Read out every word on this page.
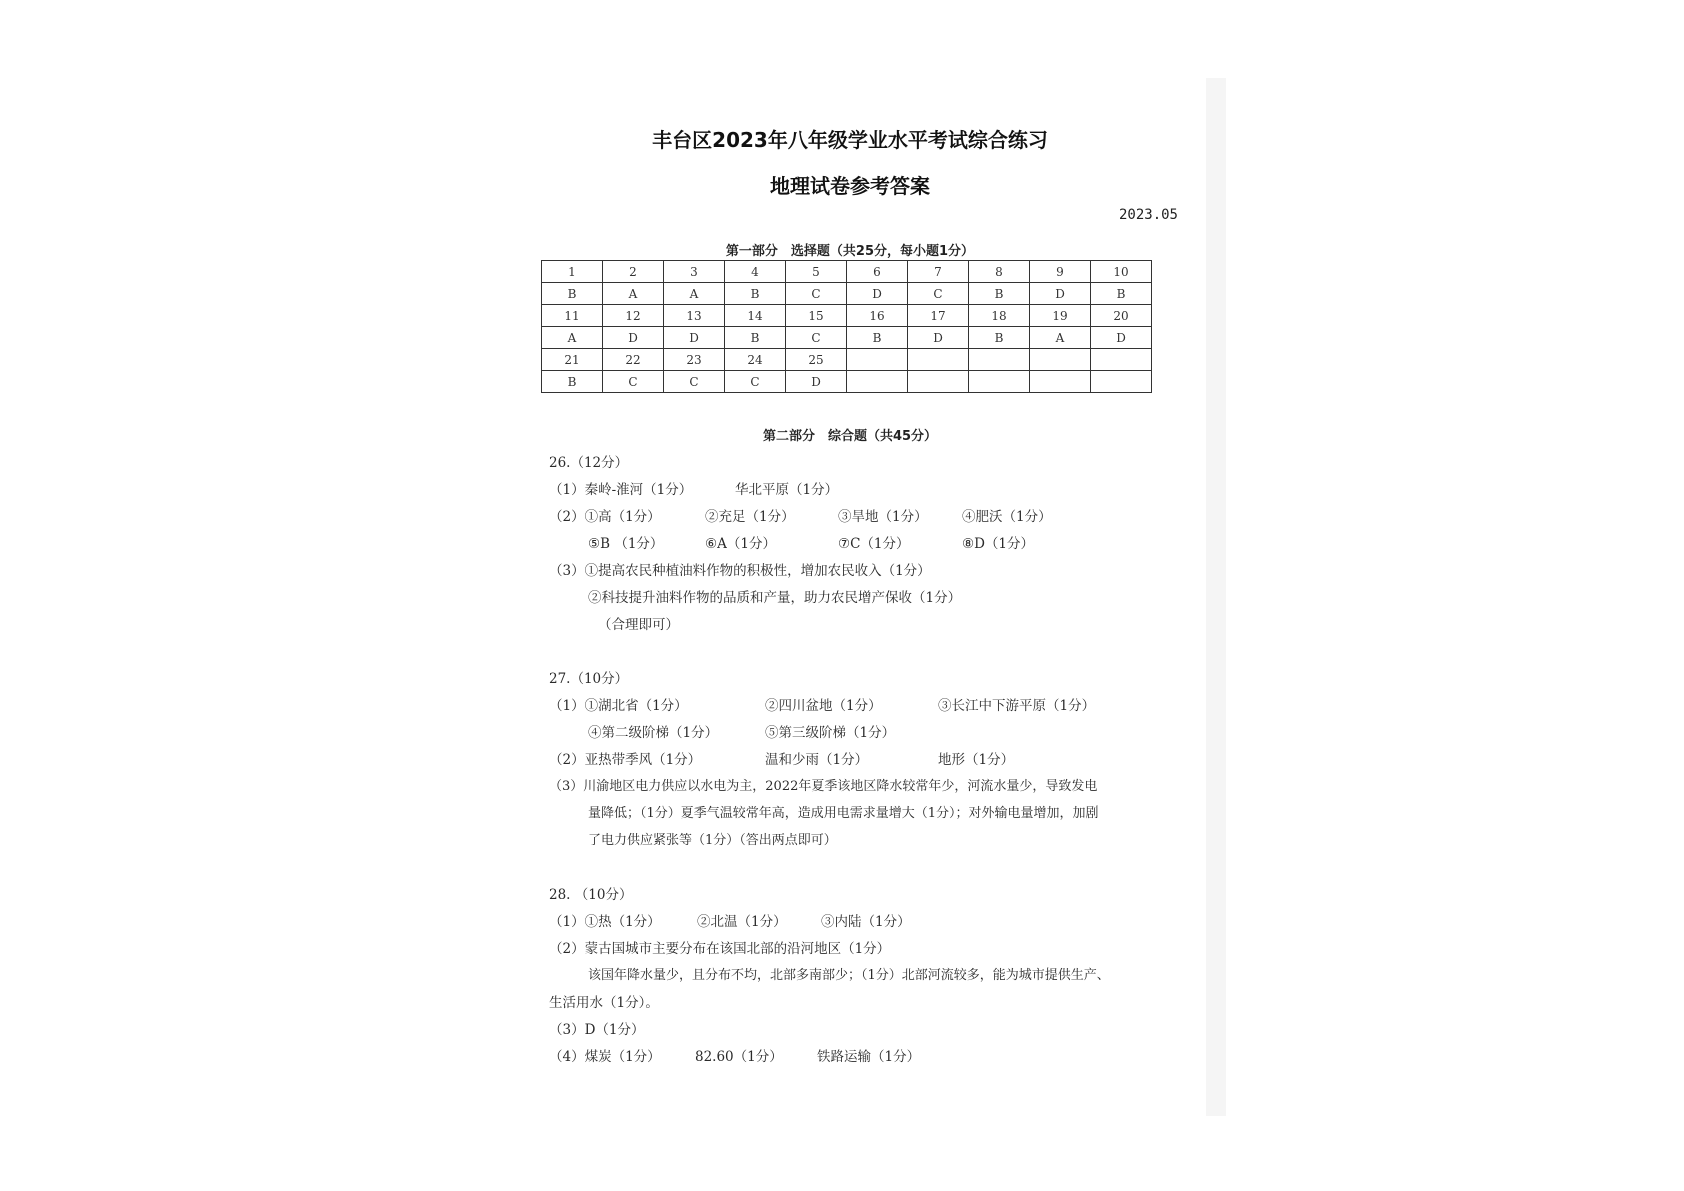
丰台区2023年八年级学业水平考试综合练习
地理试卷参考答案
2023.05
第一部分　选择题（共25分，每小题1分）
1	2	3	4	5	6	7	8	9	10
B	A	A	B	C	D	C	B	D	B
11	12	13	14	15	16	17	18	19	20
A	D	D	B	C	B	D	B	A	D
21	22	23	24	25					
B	C	C	C	D					
第二部分　综合题（共45分）
26.（12分）
（1）秦岭-淮河（1分）	华北平原（1分）
（2）①高（1分）	②充足（1分）	③旱地（1分）	④肥沃（1分）
⑤B （1分）	⑥A（1分）	⑦C（1分）	⑧D（1分）
（3）①提高农民种植油料作物的积极性，增加农民收入（1分）
②科技提升油料作物的品质和产量，助力农民增产保收（1分）
（合理即可）
27.（10分）
（1）①湖北省（1分）	②四川盆地（1分）	③长江中下游平原（1分）
④第二级阶梯（1分）	⑤第三级阶梯（1分）
（2）亚热带季风（1分）	温和少雨（1分）	地形（1分）
（3）川渝地区电力供应以水电为主，2022年夏季该地区降水较常年少，河流水量少，导致发电
量降低；（1分）夏季气温较常年高，造成用电需求量增大（1分）；对外输电量增加，加剧
了电力供应紧张等（1分）（答出两点即可）
28. （10分）
（1）①热（1分）	②北温（1分）	③内陆（1分）
（2）蒙古国城市主要分布在该国北部的沿河地区（1分）
该国年降水量少，且分布不均，北部多南部少；（1分）北部河流较多，能为城市提供生产、
生活用水（1分）。
（3）D（1分）
（4）煤炭（1分）	82.60（1分）	铁路运输（1分）
